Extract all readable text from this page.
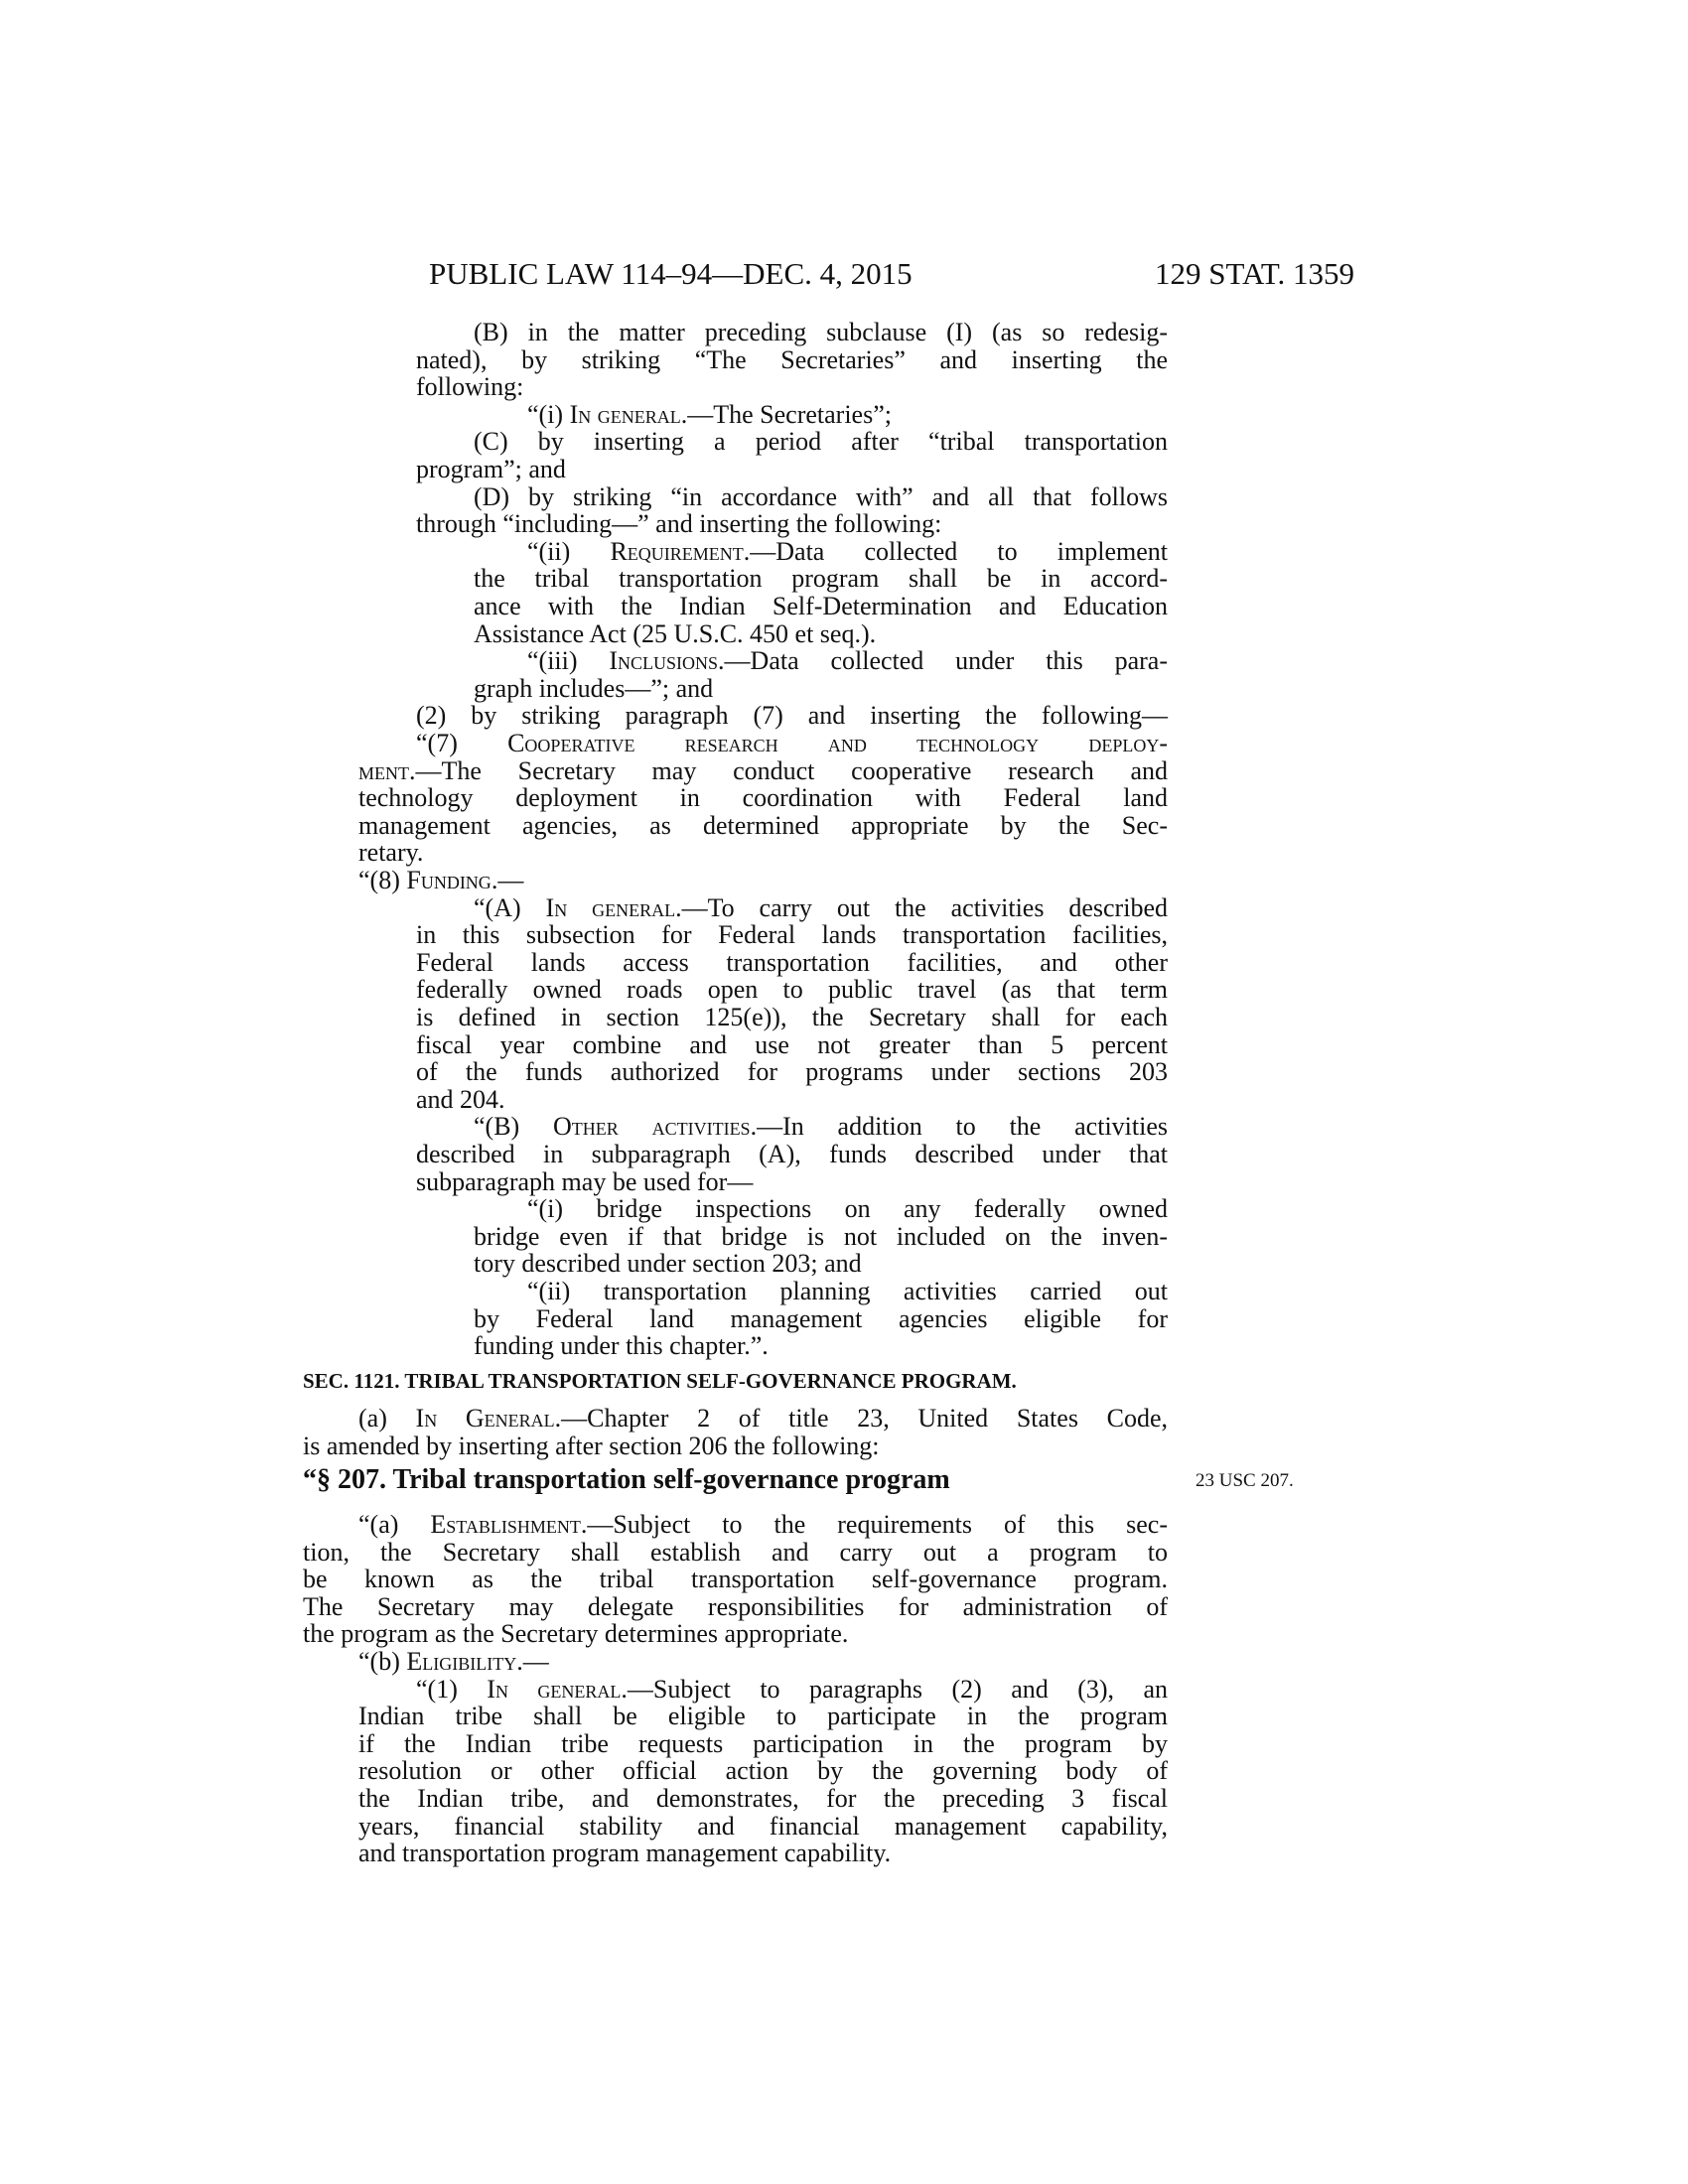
PUBLIC LAW 114–94—DEC. 4, 2015	129 STAT. 1359
(B) in the matter preceding subclause (I) (as so redesig-
nated), by striking “The Secretaries” and inserting the
following:
“(i) In general.—The Secretaries”;
(C) by inserting a period after “tribal transportation
program”; and
(D) by striking “in accordance with” and all that follows
through “including—” and inserting the following:
“(ii) Requirement.—Data collected to implement
the tribal transportation program shall be in accord-
ance with the Indian Self-Determination and Education
Assistance Act (25 U.S.C. 450 et seq.).
“(iii) Inclusions.—Data collected under this para-
graph includes—”; and
(2) by striking paragraph (7) and inserting the following—
“(7) Cooperative research and technology deploy-
ment.—The Secretary may conduct cooperative research and
technology deployment in coordination with Federal land
management agencies, as determined appropriate by the Sec-
retary.
“(8) Funding.—
“(A) In general.—To carry out the activities described
in this subsection for Federal lands transportation facilities,
Federal lands access transportation facilities, and other
federally owned roads open to public travel (as that term
is defined in section 125(e)), the Secretary shall for each
fiscal year combine and use not greater than 5 percent
of the funds authorized for programs under sections 203
and 204.
“(B) Other activities.—In addition to the activities
described in subparagraph (A), funds described under that
subparagraph may be used for—
“(i) bridge inspections on any federally owned
bridge even if that bridge is not included on the inven-
tory described under section 203; and
“(ii) transportation planning activities carried out
by Federal land management agencies eligible for
funding under this chapter.”.
SEC. 1121. TRIBAL TRANSPORTATION SELF-GOVERNANCE PROGRAM.
(a) In General.—Chapter 2 of title 23, United States Code,
is amended by inserting after section 206 the following:
“§ 207. Tribal transportation self-governance program	23 USC 207.
“(a) Establishment.—Subject to the requirements of this sec-
tion, the Secretary shall establish and carry out a program to
be known as the tribal transportation self-governance program.
The Secretary may delegate responsibilities for administration of
the program as the Secretary determines appropriate.
“(b) Eligibility.—
“(1) In general.—Subject to paragraphs (2) and (3), an
Indian tribe shall be eligible to participate in the program
if the Indian tribe requests participation in the program by
resolution or other official action by the governing body of
the Indian tribe, and demonstrates, for the preceding 3 fiscal
years, financial stability and financial management capability,
and transportation program management capability.
